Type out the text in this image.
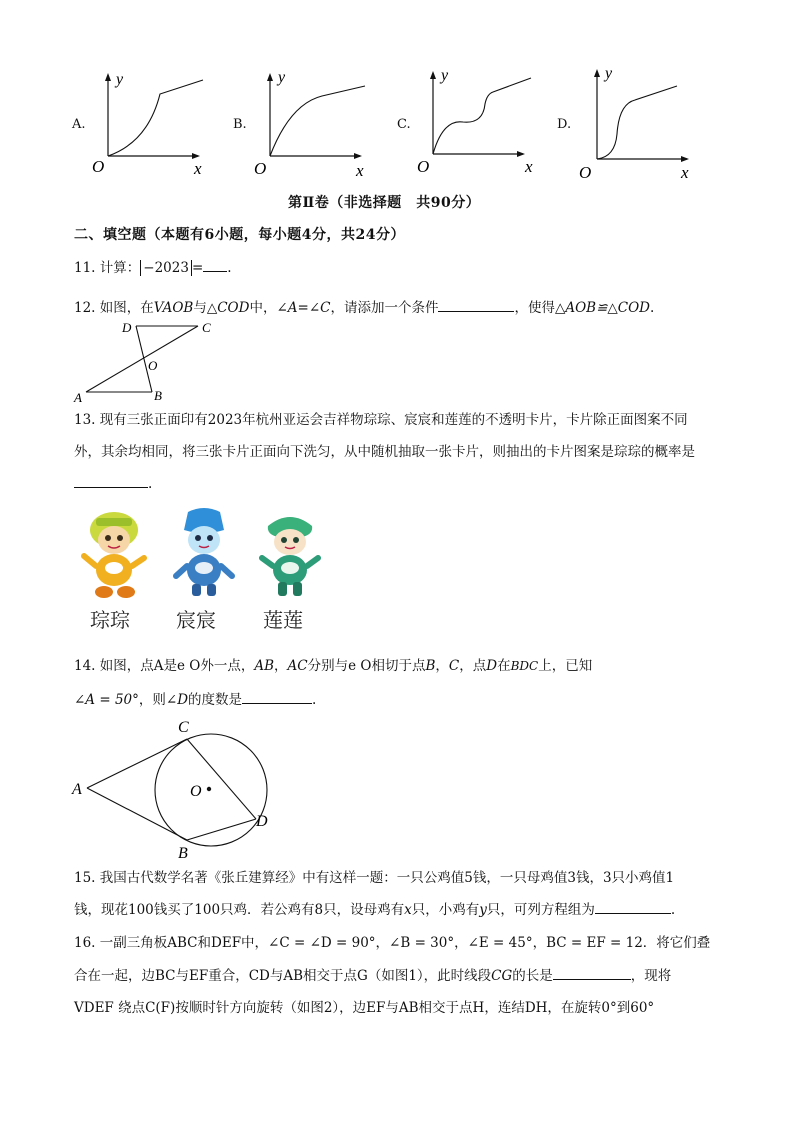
A.
y
O	x
B.
y
O	x
C.
y
O	x
D.
y
O	x
第Ⅱ卷（非选择题　共90分）
二、填空题（本题有6小题，每小题4分，共24分）
11. 计算： −2023 = .
12. 如图，在VAOB与△COD中，∠A=∠C，请添加一个条件	，使得△AOB≌△COD.
D	C
O
A	B
13. 现有三张正面印有2023年杭州亚运会吉祥物琮琮、宸宸和莲莲的不透明卡片，卡片除正面图案不同
外，其余均相同，将三张卡片正面向下洗匀，从中随机抽取一张卡片，则抽出的卡片图案是琮琮的概率是
.
琮琮 宸宸 莲莲
14. 如图，点A是e O外一点，AB，AC分别与e O相切于点B，C，点D在BDC上，已知
∠A = 50°，则∠D的度数是	.
C
A	O
D
B
15. 我国古代数学名著《张丘建算经》中有这样一题：一只公鸡值5钱，一只母鸡值3钱，3只小鸡值1
钱，现花100钱买了100只鸡．若公鸡有8只，设母鸡有x只，小鸡有y只，可列方程组为	.
16. 一副三角板ABC和DEF中，∠C = ∠D = 90°，∠B = 30°，∠E = 45°，BC = EF = 12．将它们叠
合在一起，边BC与EF重合，CD与AB相交于点G（如图1），此时线段CG的长是	，现将
VDEF 绕点C(F)按顺时针方向旋转（如图2），边EF与AB相交于点H，连结DH，在旋转0°到60°
